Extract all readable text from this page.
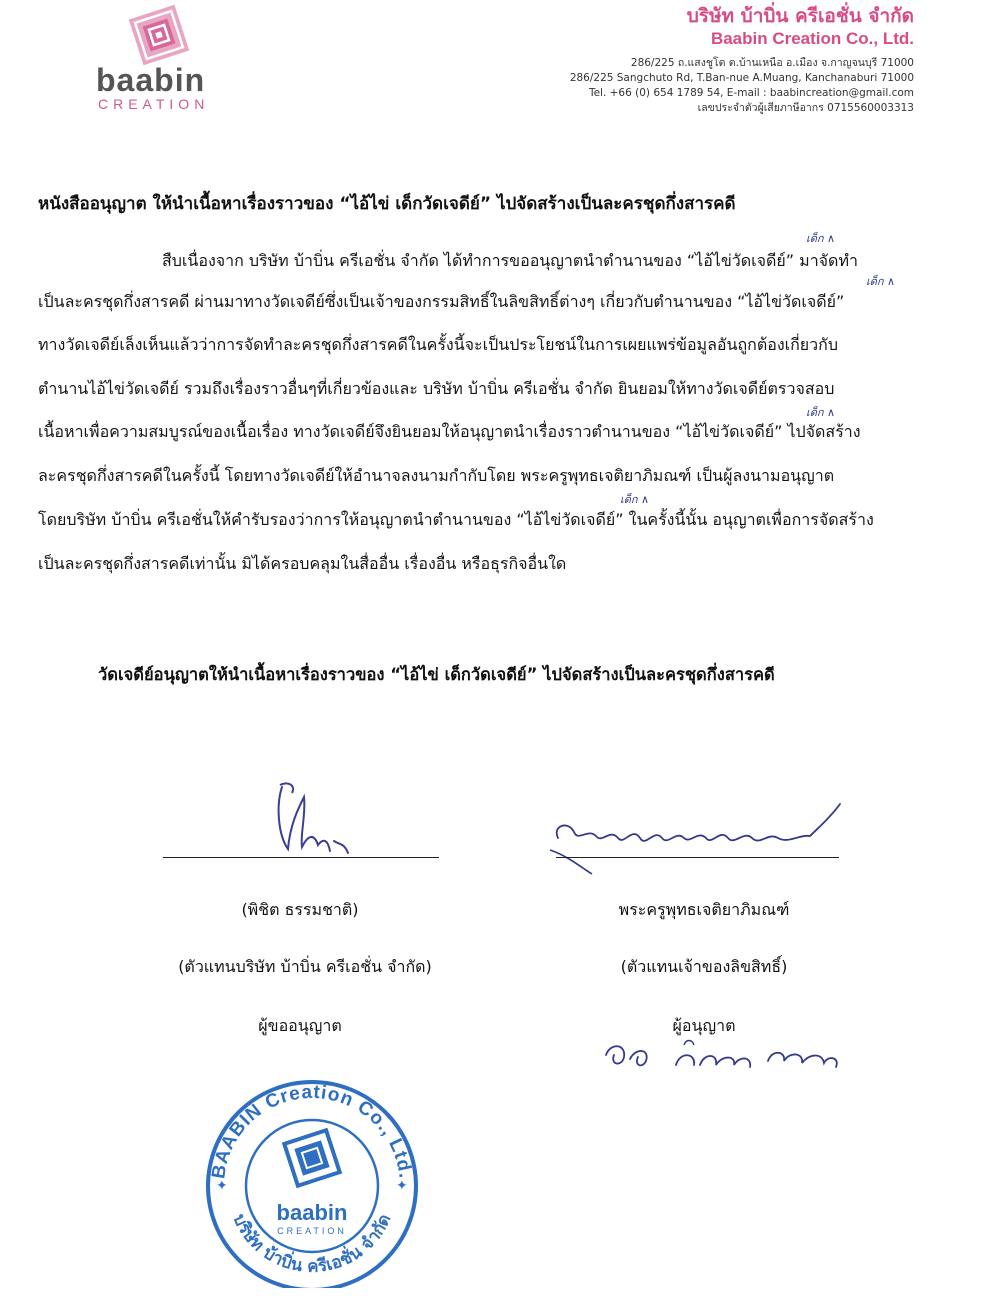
baabin
CREATION
บริษัท บ้าบิ่น ครีเอชั่น จำกัด
Baabin Creation Co., Ltd.
286/225 ถ.แสงชูโต ต.บ้านเหนือ อ.เมือง จ.กาญจนบุรี 71000
286/225 Sangchuto Rd, T.Ban-nue A.Muang, Kanchanaburi 71000
Tel. +66 (0) 654 1789 54, E-mail : baabincreation@gmail.com
เลขประจำตัวผู้เสียภาษีอากร 0715560003313
หนังสืออนุญาต ให้นำเนื้อหาเรื่องราวของ “ไอ้ไข่ เด็กวัดเจดีย์” ไปจัดสร้างเป็นละครชุดกึ่งสารคดี
สืบเนื่องจาก บริษัท บ้าบิ่น ครีเอชั่น จำกัด ได้ทำการขออนุญาตนำตำนานของ “ไอ้ไข่วัดเจดีย์” มาจัดทำ
เป็นละครชุดกึ่งสารคดี ผ่านมาทางวัดเจดีย์ซึ่งเป็นเจ้าของกรรมสิทธิ์ในลิขสิทธิ์ต่างๆ เกี่ยวกับตำนานของ “ไอ้ไข่วัดเจดีย์”
ทางวัดเจดีย์เล็งเห็นแล้วว่าการจัดทำละครชุดกึ่งสารคดีในครั้งนี้จะเป็นประโยชน์ในการเผยแพร่ข้อมูลอันถูกต้องเกี่ยวกับ
ตำนานไอ้ไข่วัดเจดีย์ รวมถึงเรื่องราวอื่นๆที่เกี่ยวข้องและ บริษัท บ้าบิ่น ครีเอชั่น จำกัด ยินยอมให้ทางวัดเจดีย์ตรวจสอบ
เนื้อหาเพื่อความสมบูรณ์ของเนื้อเรื่อง ทางวัดเจดีย์จึงยินยอมให้อนุญาตนำเรื่องราวตำนานของ “ไอ้ไข่วัดเจดีย์” ไปจัดสร้าง
ละครชุดกึ่งสารคดีในครั้งนี้ โดยทางวัดเจดีย์ให้อำนาจลงนามกำกับโดย พระครูพุทธเจติยาภิมณฑ์ เป็นผู้ลงนามอนุญาต
โดยบริษัท บ้าบิ่น ครีเอชั่นให้คำรับรองว่าการให้อนุญาตนำตำนานของ “ไอ้ไข่วัดเจดีย์” ในครั้งนี้นั้น อนุญาตเพื่อการจัดสร้าง
เป็นละครชุดกึ่งสารคดีเท่านั้น มิได้ครอบคลุมในสื่ออื่น เรื่องอื่น หรือธุรกิจอื่นใด
เด็ก ∧
เด็ก ∧
เด็ก ∧
เด็ก ∧
วัดเจดีย์อนุญาตให้นำเนื้อหาเรื่องราวของ “ไอ้ไข่ เด็กวัดเจดีย์” ไปจัดสร้างเป็นละครชุดกึ่งสารคดี
(พิชิต ธรรมชาติ)
(ตัวแทนบริษัท บ้าบิ่น ครีเอชั่น จำกัด)
ผู้ขออนุญาต
พระครูพุทธเจติยาภิมณฑ์
(ตัวแทนเจ้าของลิขสิทธิ์)
ผู้อนุญาต
BAABIN Creation Co., Ltd.
บริษัท บ้าบิ่น ครีเอชั่น จำกัด
baabin
CREATION
✦	✦
